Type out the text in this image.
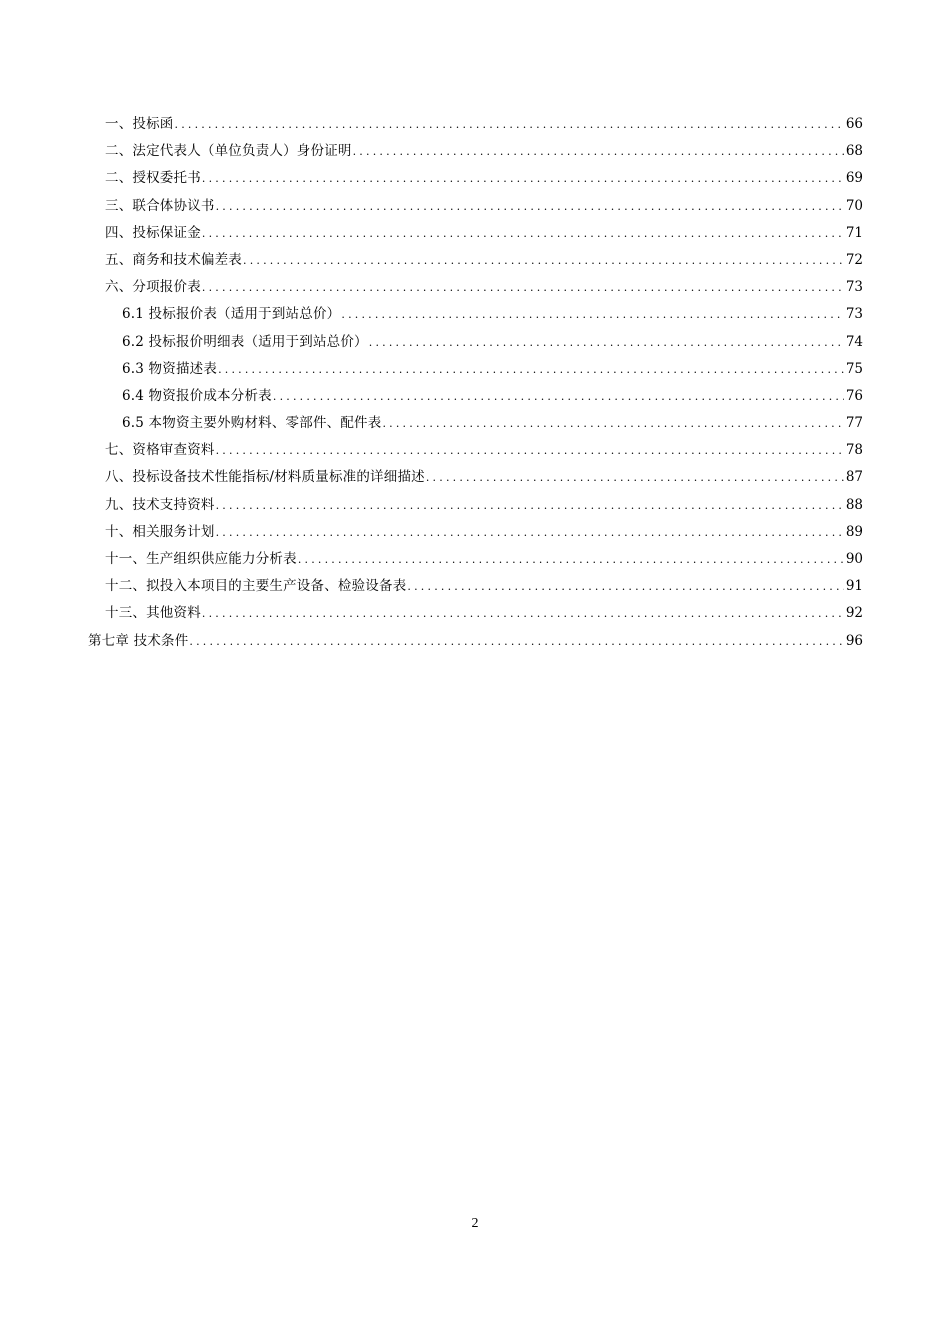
一、投标函 .....	66
二、法定代表人（单位负责人）身份证明 .....	68
二、授权委托书 .....	69
三、联合体协议书 .....	70
四、投标保证金 .....	71
五、商务和技术偏差表 .....	72
六、分项报价表 .....	73
6.1 投标报价表（适用于到站总价） .....	73
6.2 投标报价明细表（适用于到站总价） .....	74
6.3 物资描述表 .....	75
6.4 物资报价成本分析表 .....	76
6.5 本物资主要外购材料、零部件、配件表 .....	77
七、资格审查资料 .....	78
八、投标设备技术性能指标/材料质量标准的详细描述 .....	87
九、技术支持资料 .....	88
十、相关服务计划 .....	89
十一、生产组织供应能力分析表 .....	90
十二、拟投入本项目的主要生产设备、检验设备表 .....	91
十三、其他资料 .....	92
第七章 技术条件 .....	96
2
